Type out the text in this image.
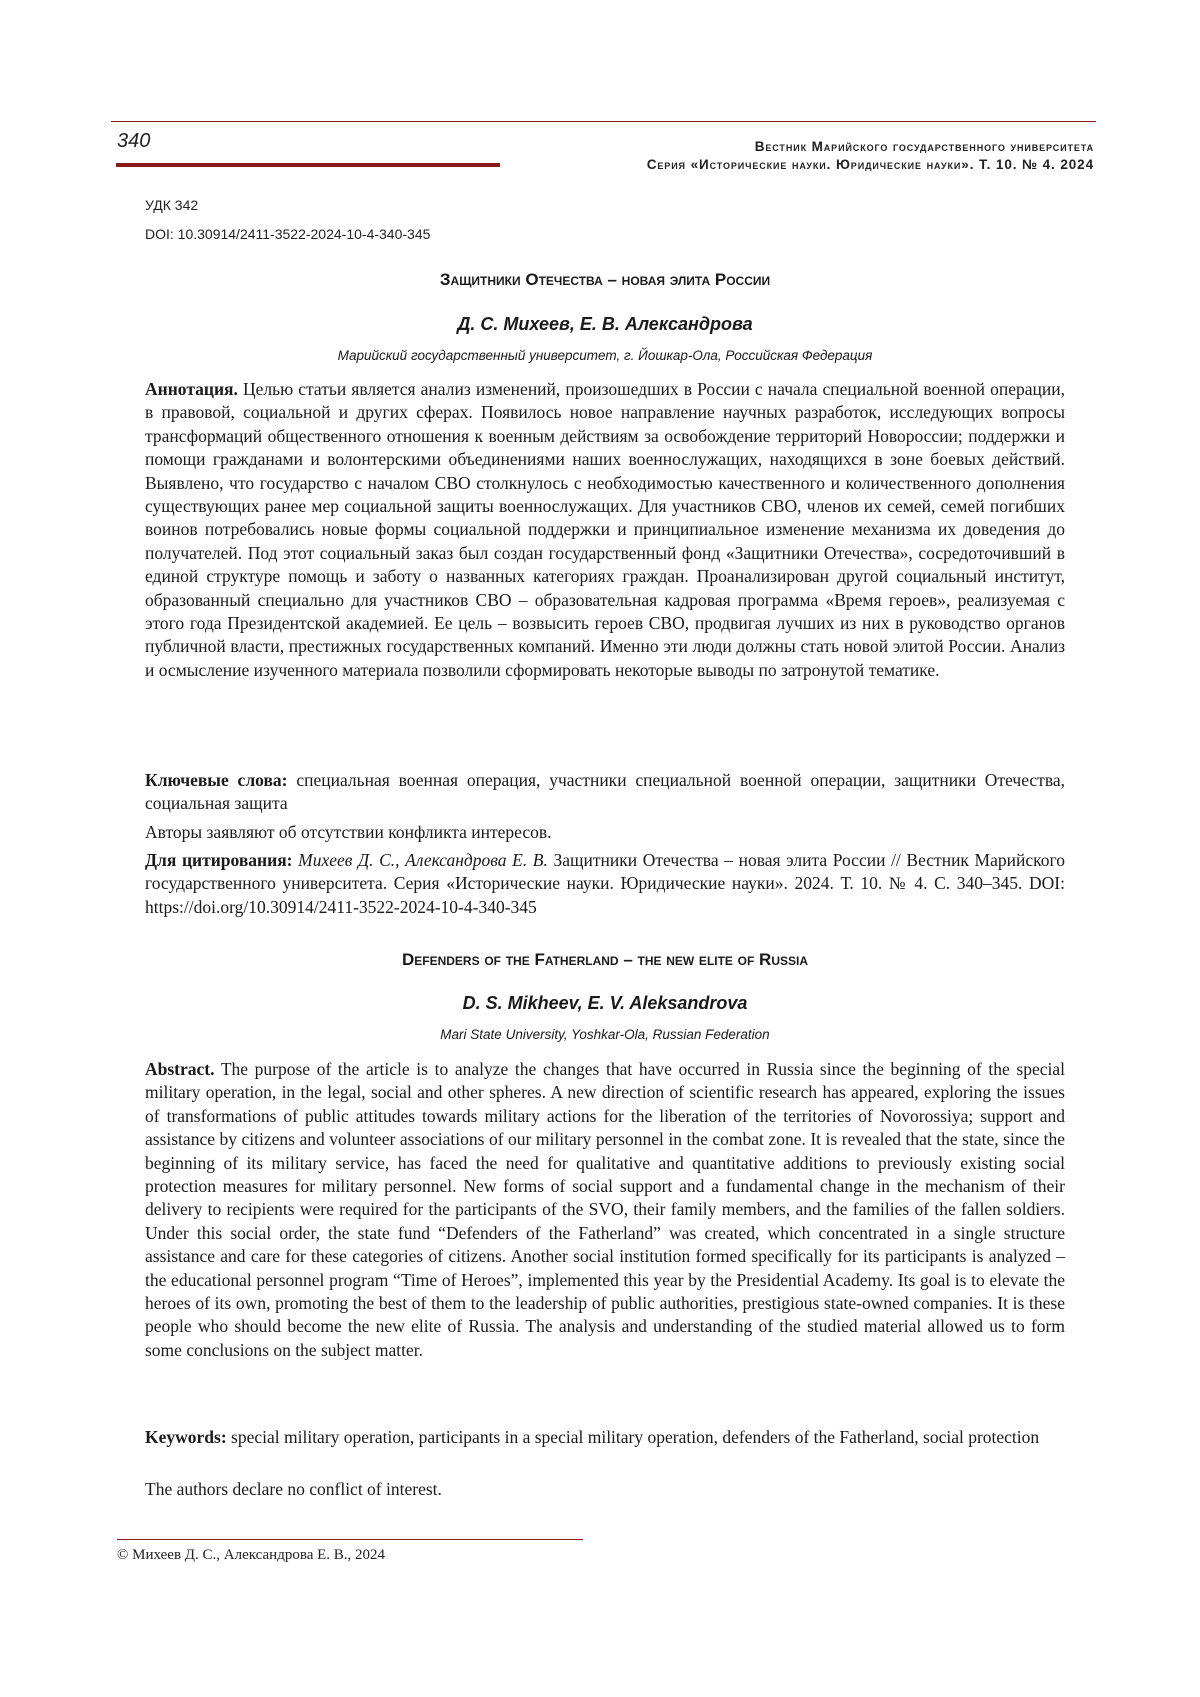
340	Вестник Марийского государственного университета
Серия «Исторические науки. Юридические науки». Т. 10. № 4. 2024
УДК 342
DOI: 10.30914/2411-3522-2024-10-4-340-345
Защитники Отечества – новая элита России
Д. С. Михеев, Е. В. Александрова
Марийский государственный университет, г. Йошкар-Ола, Российская Федерация
Аннотация. Целью статьи является анализ изменений, произошедших в России с начала специальной военной операции, в правовой, социальной и других сферах. Появилось новое направление научных разработок, исследующих вопросы трансформаций общественного отношения к военным действиям за освобождение территорий Новороссии; поддержки и помощи гражданами и волонтерскими объединениями наших военнослужащих, находящихся в зоне боевых действий. Выявлено, что государство с началом СВО столкнулось с необходимостью качественного и количественного дополнения существующих ранее мер социальной защиты военнослужащих. Для участников СВО, членов их семей, семей погибших воинов потребовались новые формы социальной поддержки и принципиальное изменение механизма их доведения до получателей. Под этот социальный заказ был создан государственный фонд «Защитники Отечества», сосредоточивший в единой структуре помощь и заботу о названных категориях граждан. Проанализирован другой социальный институт, образованный специально для участников СВО – образовательная кадровая программа «Время героев», реализуемая с этого года Президентской академией. Ее цель – возвысить героев СВО, продвигая лучших из них в руководство органов публичной власти, престижных государственных компаний. Именно эти люди должны стать новой элитой России. Анализ и осмысление изученного материала позволили сформировать некоторые выводы по затронутой тематике.
Ключевые слова: специальная военная операция, участники специальной военной операции, защитники Отечества, социальная защита
Авторы заявляют об отсутствии конфликта интересов.
Для цитирования: Михеев Д. С., Александрова Е. В. Защитники Отечества – новая элита России // Вестник Марийского государственного университета. Серия «Исторические науки. Юридические науки». 2024. Т. 10. № 4. С. 340–345. DOI: https://doi.org/10.30914/2411-3522-2024-10-4-340-345
Defenders of the Fatherland – the new elite of Russia
D. S. Mikheev, E. V. Aleksandrova
Mari State University, Yoshkar-Ola, Russian Federation
Abstract. The purpose of the article is to analyze the changes that have occurred in Russia since the beginning of the special military operation, in the legal, social and other spheres. A new direction of scientific research has appeared, exploring the issues of transformations of public attitudes towards military actions for the liberation of the territories of Novorossiya; support and assistance by citizens and volunteer associations of our military personnel in the combat zone. It is revealed that the state, since the beginning of its military service, has faced the need for qualitative and quantitative additions to previously existing social protection measures for military personnel. New forms of social support and a fundamental change in the mechanism of their delivery to recipients were required for the participants of the SVO, their family members, and the families of the fallen soldiers. Under this social order, the state fund “Defenders of the Fatherland” was created, which concentrated in a single structure assistance and care for these categories of citizens. Another social institution formed specifically for its participants is analyzed – the educational personnel program “Time of Heroes”, implemented this year by the Presidential Academy. Its goal is to elevate the heroes of its own, promoting the best of them to the leadership of public authorities, prestigious state-owned companies. It is these people who should become the new elite of Russia. The analysis and understanding of the studied material allowed us to form some conclusions on the subject matter.
Keywords: special military operation, participants in a special military operation, defenders of the Fatherland, social protection
The authors declare no conflict of interest.
© Михеев Д. С., Александрова Е. В., 2024
